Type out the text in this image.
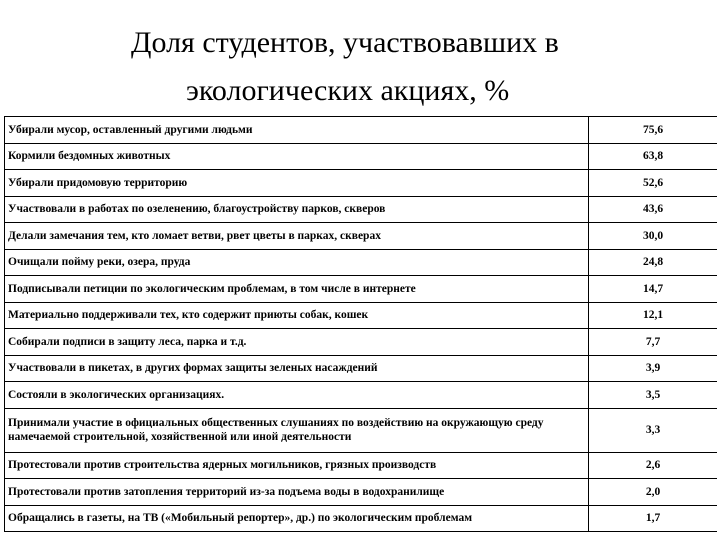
Доля студентов, участвовавших в
экологических акциях, %
Убирали мусор, оставленный другими людьми	75,6
Кормили бездомных животных	63,8
Убирали придомовую территорию	52,6
Участвовали в работах по озеленению, благоустройству парков, скверов	43,6
Делали замечания тем, кто ломает ветви, рвет цветы в парках, скверах	30,0
Очищали пойму реки, озера, пруда	24,8
Подписывали петиции по экологическим проблемам, в том числе в интернете	14,7
Материально поддерживали тех, кто содержит приюты собак, кошек	12,1
Собирали подписи в защиту леса, парка и т.д.	7,7
Участвовали в пикетах, в других формах защиты зеленых насаждений	3,9
Состояли в экологических организациях.	3,5
Принимали участие в официальных общественных слушаниях по воздействию на окружающую среду намечаемой строительной, хозяйственной или иной деятельности	3,3
Протестовали против строительства ядерных могильников, грязных производств	2,6
Протестовали против затопления территорий из-за подъема воды в водохранилище	2,0
Обращались в газеты, на ТВ («Мобильный репортер», др.) по экологическим проблемам	1,7
